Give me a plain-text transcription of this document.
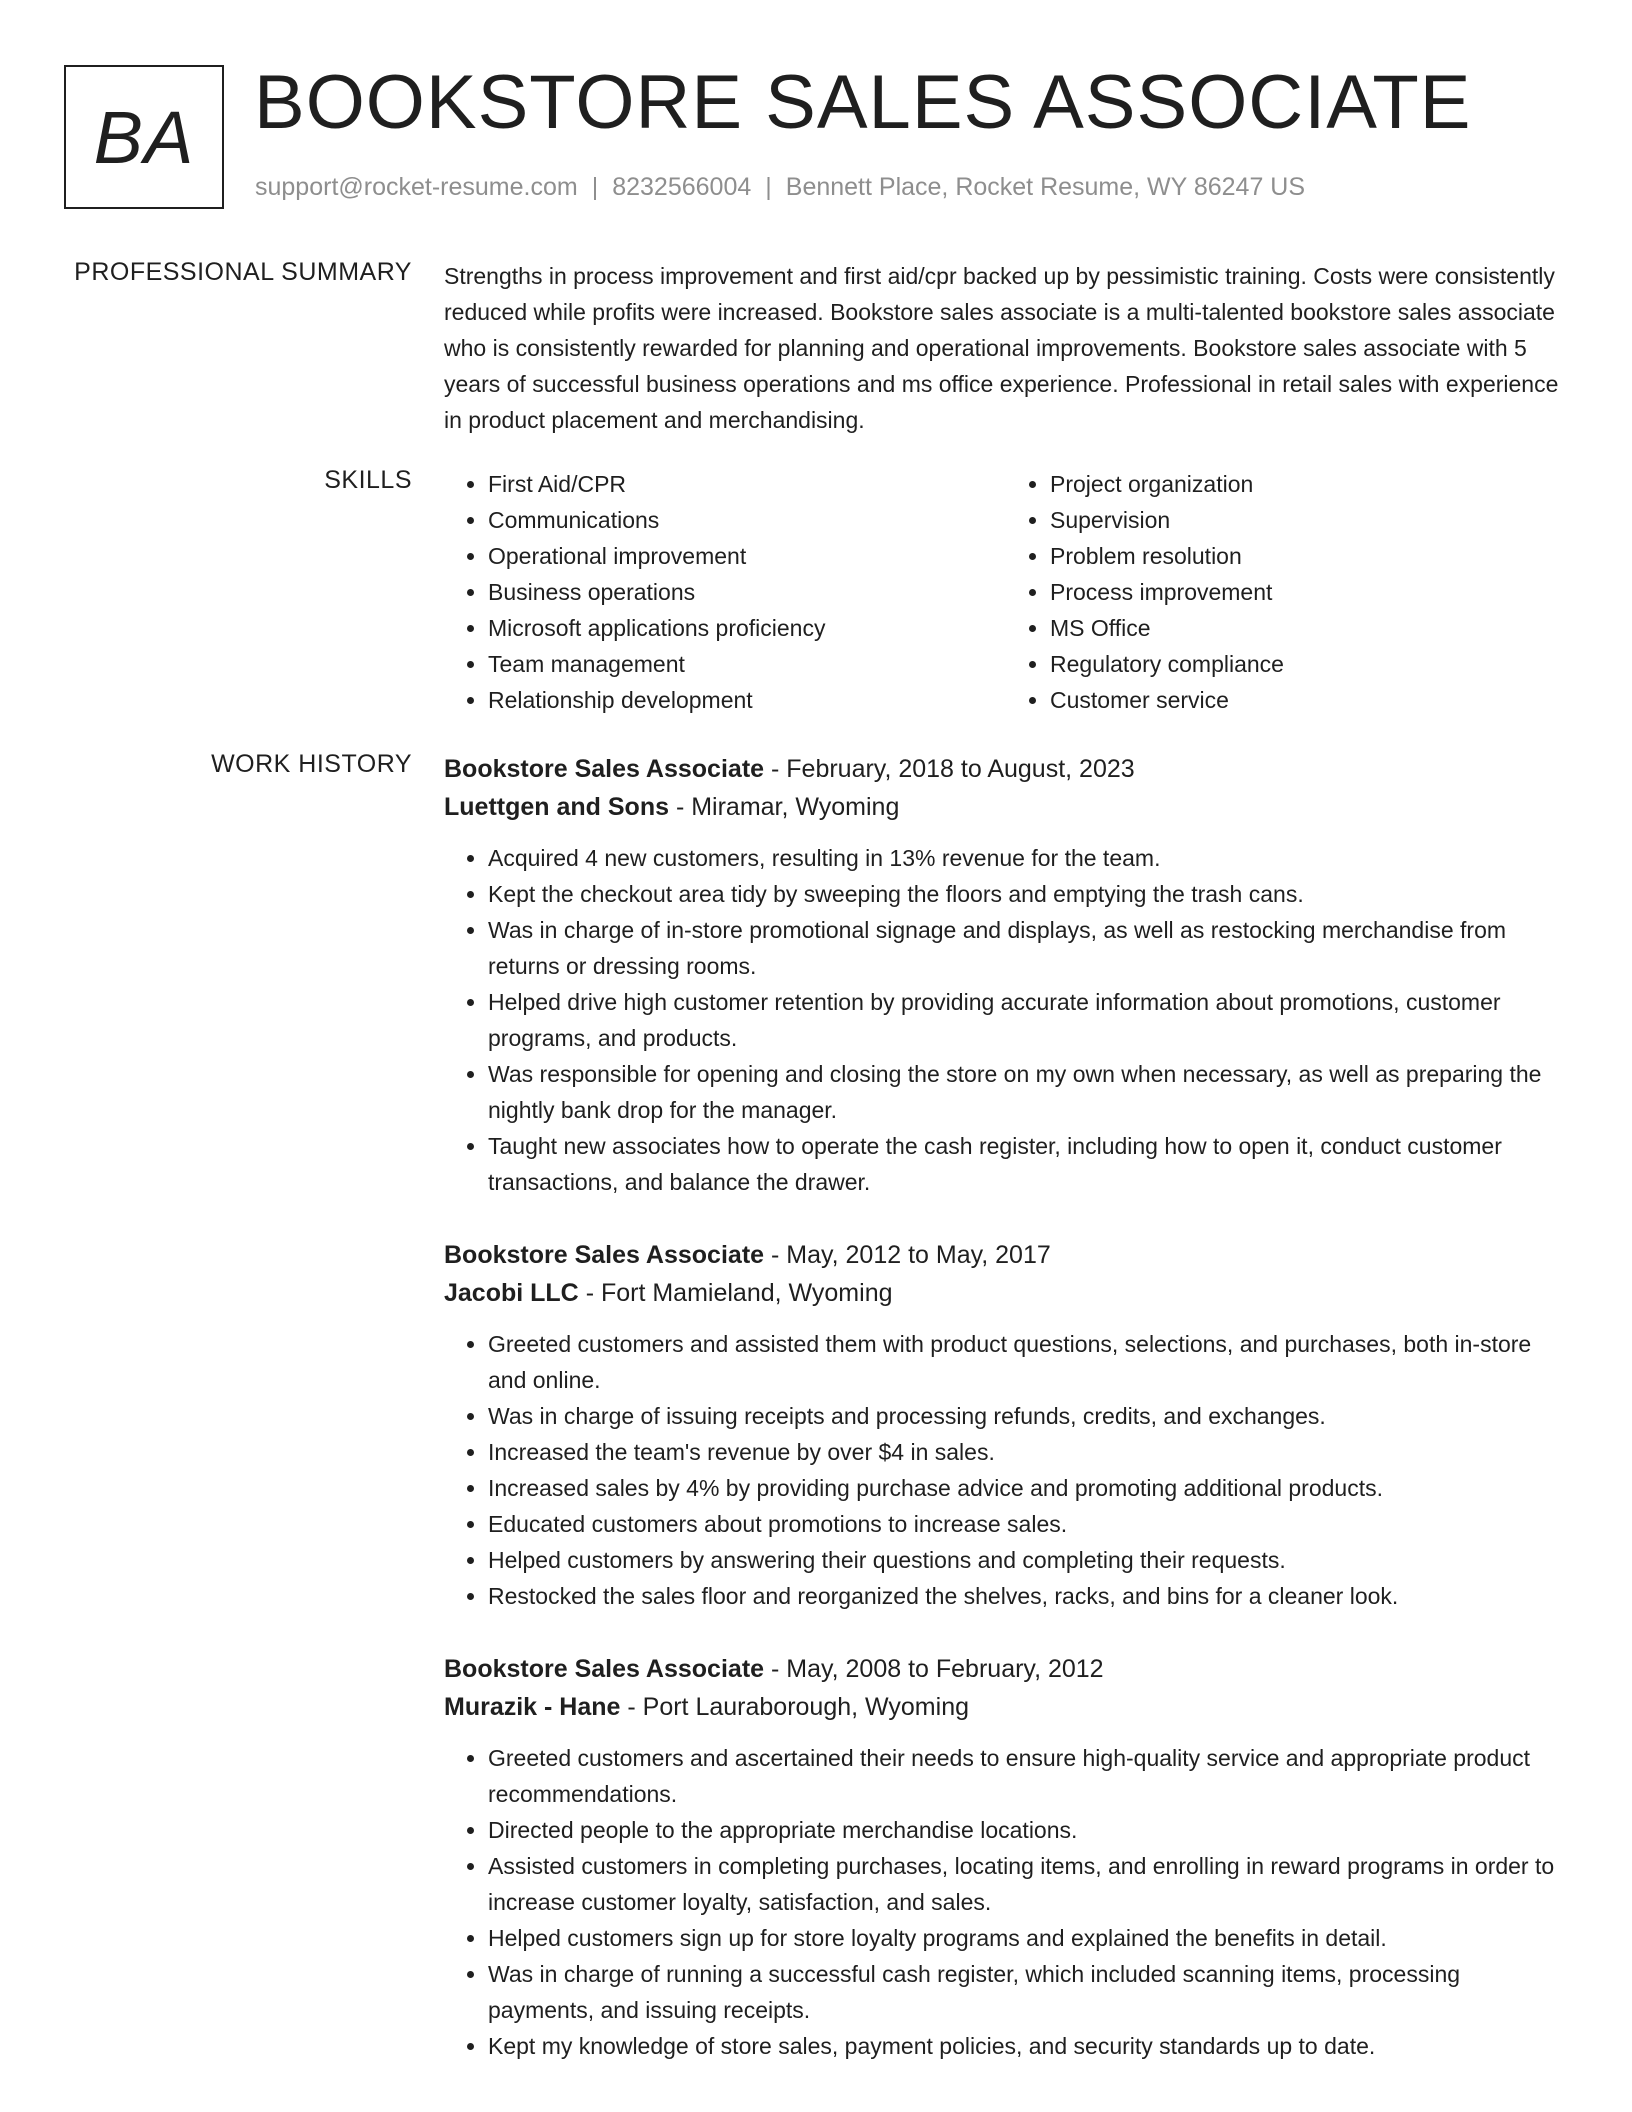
BA BOOKSTORE SALES ASSOCIATE
support@rocket-resume.com | 8232566004 | Bennett Place, Rocket Resume, WY 86247 US
PROFESSIONAL SUMMARY Strengths in process improvement and first aid/cpr backed up by pessimistic training. Costs were consistently reduced while profits were increased. Bookstore sales associate is a multi-talented bookstore sales associate who is consistently rewarded for planning and operational improvements. Bookstore sales associate with 5 years of successful business operations and ms office experience. Professional in retail sales with experience in product placement and merchandising.

SKILLS
•	First Aid/CPR
• Communications
• Operational improvement
• Business operations
• Microsoft applications proficiency
• Team management
• Relationship development
• Project organization
• Supervision
• Problem resolution
• Process improvement
• MS Office
• Regulatory compliance
• Customer service
WORK HISTORY Bookstore Sales Associate - February, 2018 to August, 2023
Luettgen and Sons - Miramar, Wyoming
• Acquired 4 new customers, resulting in 13% revenue for the team.
• Kept the checkout area tidy by sweeping the floors and emptying the trash cans.
• Was in charge of in-store promotional signage and displays, as well as restocking merchandise from returns or dressing rooms.
• Helped drive high customer retention by providing accurate information about promotions, customer programs, and products.
• Was responsible for opening and closing the store on my own when necessary, as well as preparing the nightly bank drop for the manager.
• Taught new associates how to operate the cash register, including how to open it, conduct customer transactions, and balance the drawer.
Bookstore Sales Associate - May, 2012 to May, 2017
Jacobi LLC - Fort Mamieland, Wyoming
• Greeted customers and assisted them with product questions, selections, and purchases, both in-store and online.
• Was in charge of issuing receipts and processing refunds, credits, and exchanges.
• Increased the team's revenue by over $4 in sales.
• Increased sales by 4% by providing purchase advice and promoting additional products.
• Educated customers about promotions to increase sales.
• Helped customers by answering their questions and completing their requests.
• Restocked the sales floor and reorganized the shelves, racks, and bins for a cleaner look.
Bookstore Sales Associate - May, 2008 to February, 2012
Murazik - Hane - Port Lauraborough, Wyoming
• Greeted customers and ascertained their needs to ensure high-quality service and appropriate product recommendations.
• Directed people to the appropriate merchandise locations.
• Assisted customers in completing purchases, locating items, and enrolling in reward programs in order to increase customer loyalty, satisfaction, and sales.
• Helped customers sign up for store loyalty programs and explained the benefits in detail.
• Was in charge of running a successful cash register, which included scanning items, processing payments, and issuing receipts.
• Kept my knowledge of store sales, payment policies, and security standards up to date.
